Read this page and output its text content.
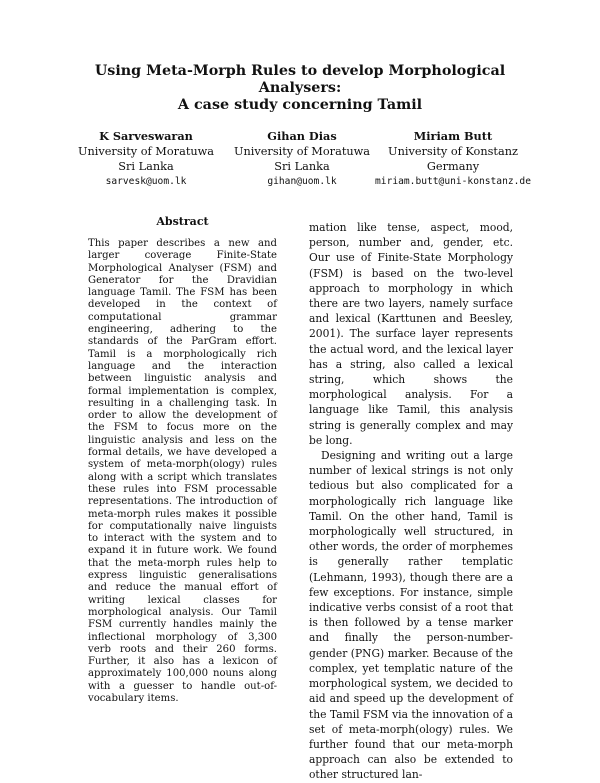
Using Meta-Morph Rules to develop Morphological Analysers:
A case study concerning Tamil
K Sarveswaran
University of Moratuwa
Sri Lanka
sarvesk@uom.lk
Gihan Dias
University of Moratuwa
Sri Lanka
gihan@uom.lk
Miriam Butt
University of Konstanz
Germany
miriam.butt@uni-konstanz.de
Abstract

This paper describes a new and larger coverage Finite-State Morphological Analyser (FSM) and Generator for the Dravidian language Tamil. The FSM has been developed in the context of computational grammar engineering, adhering to the standards of the ParGram effort. Tamil is a morphologically rich language and the interaction between linguistic analysis and formal implementation is complex, resulting in a challenging task. In order to allow the development of the FSM to focus more on the linguistic analysis and less on the formal details, we have developed a system of meta-morph(ology) rules along with a script which translates these rules into FSM processable representations. The introduction of meta-morph rules makes it possible for computationally naive linguists to interact with the system and to expand it in future work. We found that the meta-morph rules help to express linguistic generalisations and reduce the manual effort of writing lexical classes for morphological analysis. Our Tamil FSM currently handles mainly the inflectional morphology of 3,300 verb roots and their 260 forms. Further, it also has a lexicon of approximately 100,000 nouns along with a guesser to handle out-of-vocabulary items.

mation like tense, aspect, mood, person, number and, gender, etc. Our use of Finite-State Morphology (FSM) is based on the two-level approach to morphology in which there are two layers, namely surface and lexical (Karttunen and Beesley, 2001). The surface layer represents the actual word, and the lexical layer has a string, also called a lexical string, which shows the morphological analysis. For a language like Tamil, this analysis string is generally complex and may be long.

Designing and writing out a large number of lexical strings is not only tedious but also complicated for a morphologically rich language like Tamil. On the other hand, Tamil is morphologically well structured, in other words, the order of morphemes is generally rather templatic (Lehmann, 1993), though there are a few exceptions. For instance, simple indicative verbs consist of a root that is then followed by a tense marker and finally the person-number-gender (PNG) marker. Because of the complex, yet templatic nature of the morphological system, we decided to aid and speed up the development of the Tamil FSM via the innovation of a set of meta-morph(ology) rules. We further found that our meta-morph approach can also be extended to other structured lan-
